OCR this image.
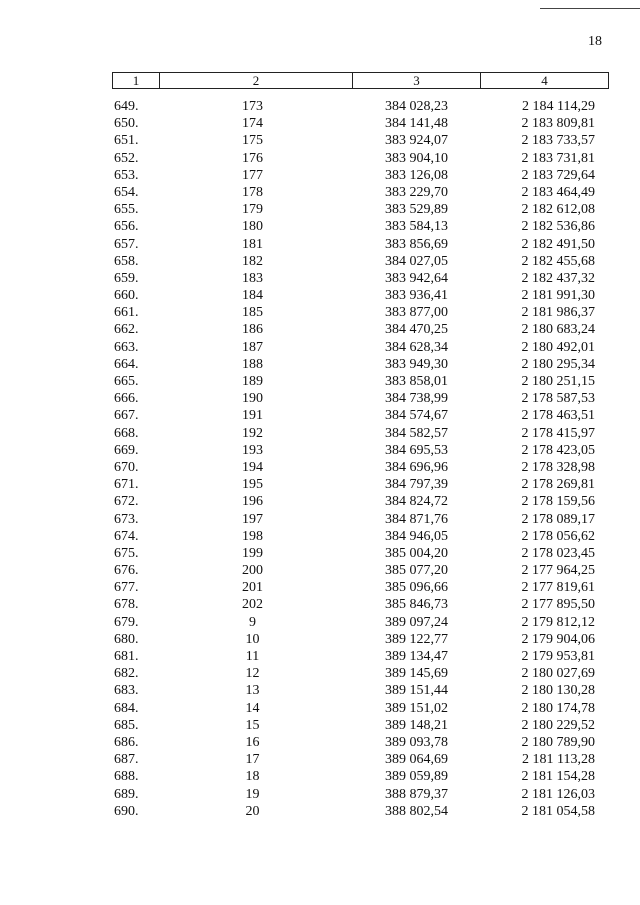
18
1	2	3	4
649.	173	384 028,23	2 184 114,29
650.	174	384 141,48	2 183 809,81
651.	175	383 924,07	2 183 733,57
652.	176	383 904,10	2 183 731,81
653.	177	383 126,08	2 183 729,64
654.	178	383 229,70	2 183 464,49
655.	179	383 529,89	2 182 612,08
656.	180	383 584,13	2 182 536,86
657.	181	383 856,69	2 182 491,50
658.	182	384 027,05	2 182 455,68
659.	183	383 942,64	2 182 437,32
660.	184	383 936,41	2 181 991,30
661.	185	383 877,00	2 181 986,37
662.	186	384 470,25	2 180 683,24
663.	187	384 628,34	2 180 492,01
664.	188	383 949,30	2 180 295,34
665.	189	383 858,01	2 180 251,15
666.	190	384 738,99	2 178 587,53
667.	191	384 574,67	2 178 463,51
668.	192	384 582,57	2 178 415,97
669.	193	384 695,53	2 178 423,05
670.	194	384 696,96	2 178 328,98
671.	195	384 797,39	2 178 269,81
672.	196	384 824,72	2 178 159,56
673.	197	384 871,76	2 178 089,17
674.	198	384 946,05	2 178 056,62
675.	199	385 004,20	2 178 023,45
676.	200	385 077,20	2 177 964,25
677.	201	385 096,66	2 177 819,61
678.	202	385 846,73	2 177 895,50
679.	9	389 097,24	2 179 812,12
680.	10	389 122,77	2 179 904,06
681.	11	389 134,47	2 179 953,81
682.	12	389 145,69	2 180 027,69
683.	13	389 151,44	2 180 130,28
684.	14	389 151,02	2 180 174,78
685.	15	389 148,21	2 180 229,52
686.	16	389 093,78	2 180 789,90
687.	17	389 064,69	2 181 113,28
688.	18	389 059,89	2 181 154,28
689.	19	388 879,37	2 181 126,03
690.	20	388 802,54	2 181 054,58
